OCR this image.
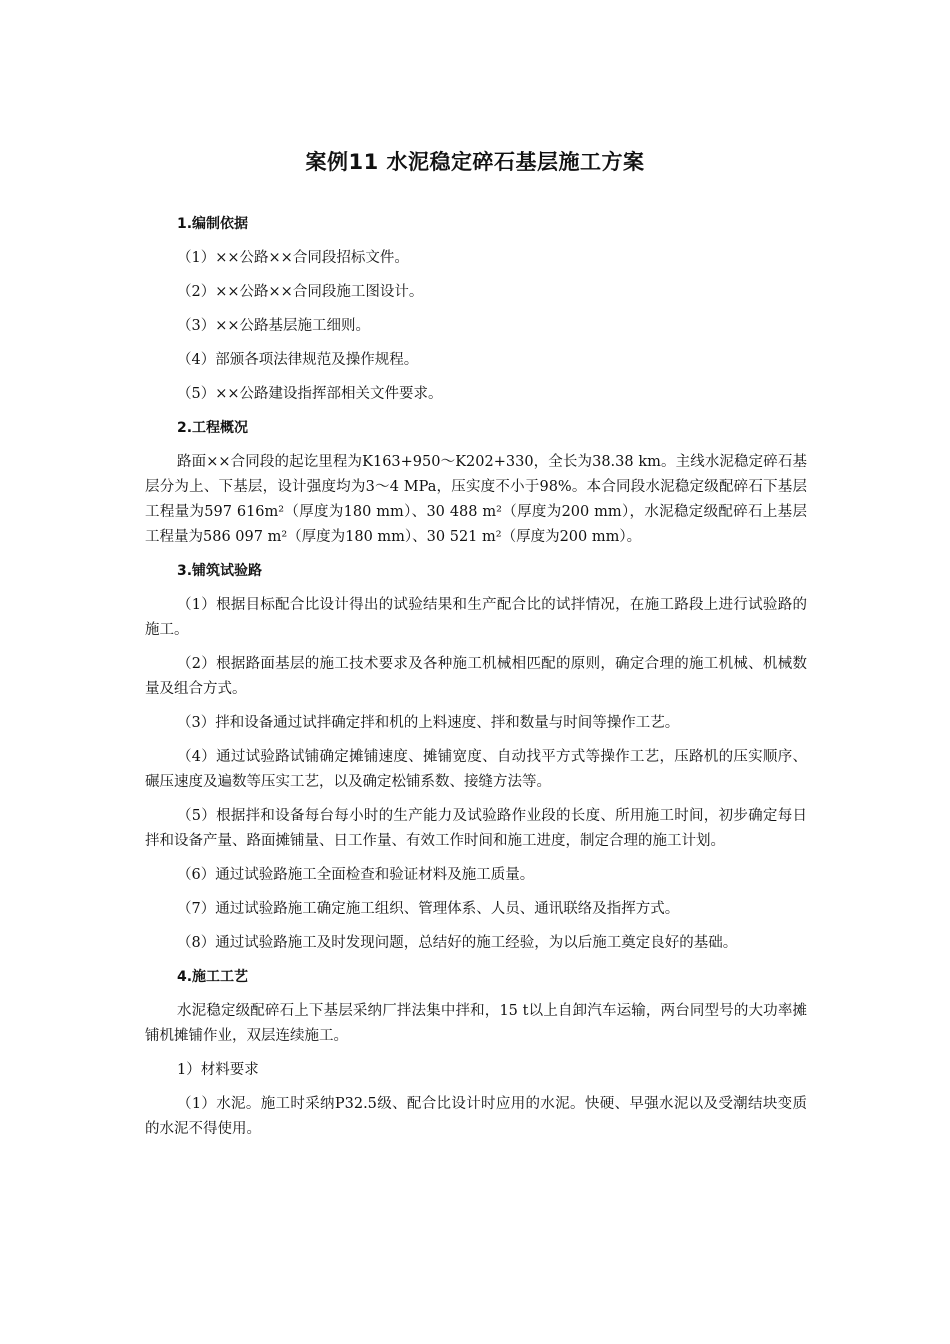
案例11 水泥稳定碎石基层施工方案
1.编制依据
（1）××公路××合同段招标文件。
（2）××公路××合同段施工图设计。
（3）××公路基层施工细则。
（4）部颁各项法律规范及操作规程。
（5）××公路建设指挥部相关文件要求。
2.工程概况
路面××合同段的起讫里程为K163+950～K202+330，全长为38.38 km。主线水泥稳定碎石基层分为上、下基层，设计强度均为3～4 MPa，压实度不小于98%。本合同段水泥稳定级配碎石下基层工程量为597 616m²（厚度为180 mm）、30 488 m²（厚度为200 mm），水泥稳定级配碎石上基层工程量为586 097 m²（厚度为180 mm）、30 521 m²（厚度为200 mm）。
3.铺筑试验路
（1）根据目标配合比设计得出的试验结果和生产配合比的试拌情况，在施工路段上进行试验路的施工。
（2）根据路面基层的施工技术要求及各种施工机械相匹配的原则，确定合理的施工机械、机械数量及组合方式。
（3）拌和设备通过试拌确定拌和机的上料速度、拌和数量与时间等操作工艺。
（4）通过试验路试铺确定摊铺速度、摊铺宽度、自动找平方式等操作工艺，压路机的压实顺序、碾压速度及遍数等压实工艺，以及确定松铺系数、接缝方法等。
（5）根据拌和设备每台每小时的生产能力及试验路作业段的长度、所用施工时间，初步确定每日拌和设备产量、路面摊铺量、日工作量、有效工作时间和施工进度，制定合理的施工计划。
（6）通过试验路施工全面检查和验证材料及施工质量。
（7）通过试验路施工确定施工组织、管理体系、人员、通讯联络及指挥方式。
（8）通过试验路施工及时发现问题，总结好的施工经验，为以后施工奠定良好的基础。
4.施工工艺
水泥稳定级配碎石上下基层采纳厂拌法集中拌和，15 t以上自卸汽车运输，两台同型号的大功率摊铺机摊铺作业，双层连续施工。
1）材料要求
（1）水泥。施工时采纳P32.5级、配合比设计时应用的水泥。快硬、早强水泥以及受潮结块变质的水泥不得使用。
